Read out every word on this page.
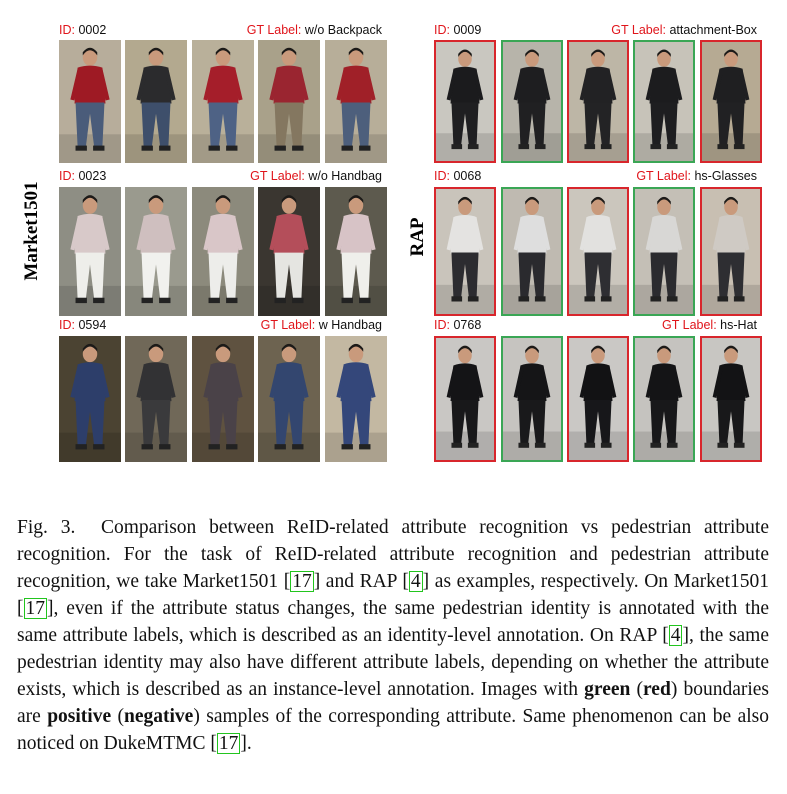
Market1501	RAP
ID: 0002	GT Label: w/o Backpack
ID: 0023	GT Label: w/o Handbag
ID: 0594	GT Label: w Handbag
ID: 0009	GT Label: attachment-Box
ID: 0068	GT Label: hs-Glasses
ID: 0768	GT Label: hs-Hat
Fig. 3.  Comparison between ReID-related attribute recognition vs pedestrian attribute recognition. For the task of ReID-related attribute recognition and pedestrian attribute recognition, we take Market1501 [ 17 ] and RAP [ 4 ] as examples, respectively. On Market1501 [ 17 ], even if the attribute status changes, the same pedestrian identity is annotated with the same attribute labels, which is described as an identity-level annotation. On RAP [ 4 ], the same pedestrian identity may also have different attribute labels, depending on whether the attribute exists, which is described as an instance-level annotation. Images with green (red) boundaries are positive (negative) samples of the corresponding attribute. Same phenomenon can be also noticed on DukeMTMC [ 17 ].
